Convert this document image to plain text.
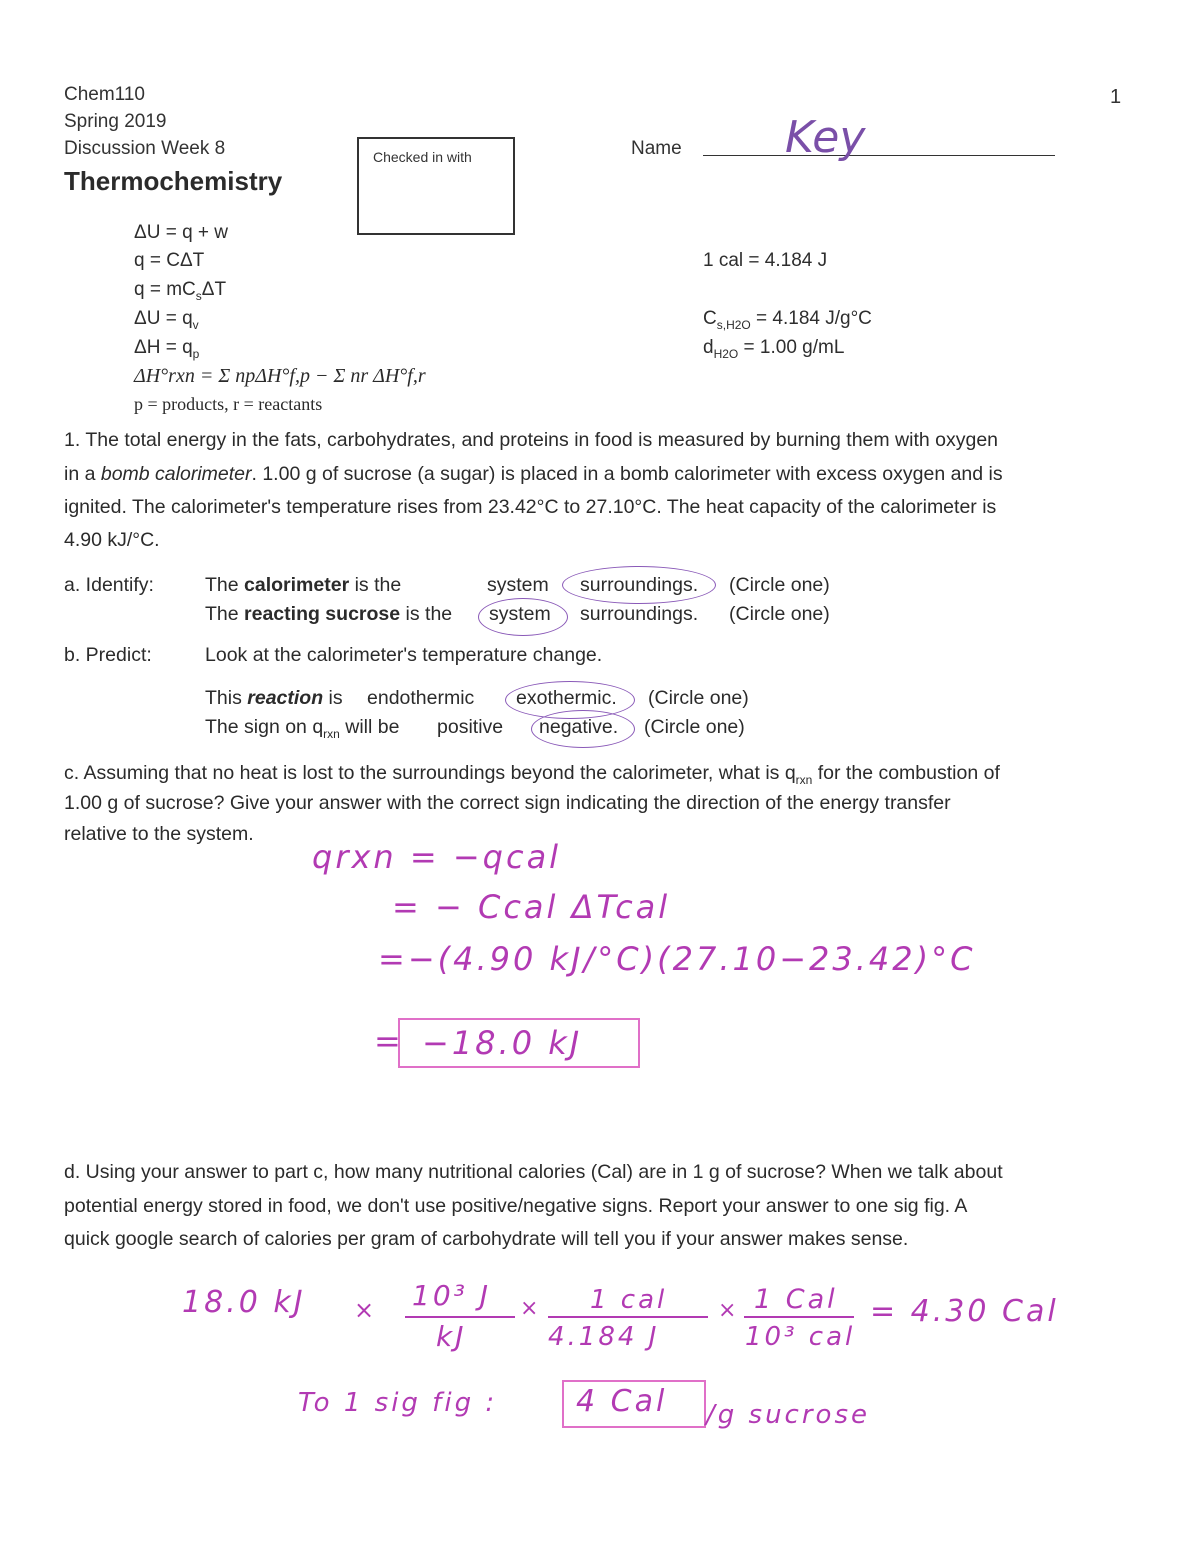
Chem110
Spring 2019
Discussion Week 8
Thermochemistry
1
Checked in with	Name Key
ΔU = q + w
q = CΔT
$q = mC_s\Delta T$
$\Delta U = q_v$
$\Delta H = q_p$
ΔH°rxn = Σ npΔH°f,p − Σ nr ΔH°f,r
p = products, r = reactants
1 cal = 4.184 J
$C_{s,H2O} = 4.184$ J/g°C
$d_{H2O} = 1.00$ g/mL
1. The total energy in the fats, carbohydrates, and proteins in food is measured by burning them with oxygen
in a bomb calorimeter. 1.00 g of sucrose (a sugar) is placed in a bomb calorimeter with excess oxygen and is
ignited. The calorimeter's temperature rises from 23.42°C to 27.10°C. The heat capacity of the calorimeter is
4.90 kJ/°C.
a. Identify:	The calorimeter is the	system surroundings. (Circle one)
The reacting sucrose is the system surroundings. (Circle one)
b. Predict:	Look at the calorimeter's temperature change.
This reaction is endothermic exothermic. (Circle one)
The sign on $q_{rxn}$ will be positive negative. (Circle one)
c. Assuming that no heat is lost to the surroundings beyond the calorimeter, what is $q_{rxn}$ for the combustion of
1.00 g of sucrose? Give your answer with the correct sign indicating the direction of the energy transfer
relative to the system.
qrxn = −qcal
= − Ccal ΔTcal
=−(4.90 kJ/°C)(27.10−23.42)°C
= −18.0 kJ
d. Using your answer to part c, how many nutritional calories (Cal) are in 1 g of sucrose? When we talk about
potential energy stored in food, we don't use positive/negative signs. Report your answer to one sig fig. A
quick google search of calories per gram of carbohydrate will tell you if your answer makes sense.
18.0 kJ × 10³ J
kJ
× 1 cal
4.184 J
× 1 Cal
10³ cal
= 4.30 Cal
To 1 sig fig :	4 Cal /g sucrose
